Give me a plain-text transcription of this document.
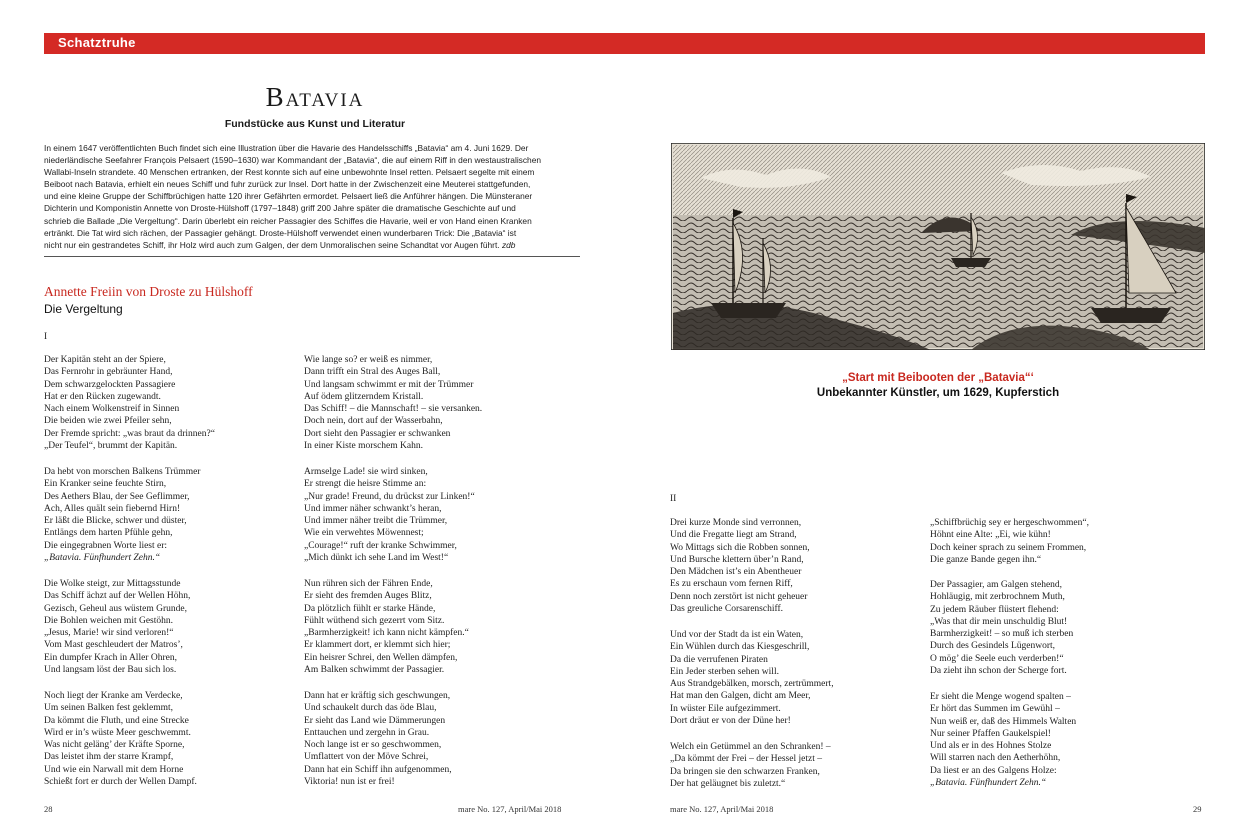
Schatztruhe
Batavia
Fundstücke aus Kunst und Literatur
In einem 1647 veröffentlichten Buch findet sich eine Illustration über die Havarie des Handelsschiffs „Batavia“ am 4. Juni 1629. Der
niederländische Seefahrer François Pelsaert (1590–1630) war Kommandant der „Batavia“, die auf einem Riff in den westaustralischen
Wallabi-Inseln strandete. 40 Menschen ertranken, der Rest konnte sich auf eine unbewohnte Insel retten. Pelsaert segelte mit einem
Beiboot nach Batavia, erhielt ein neues Schiff und fuhr zurück zur Insel. Dort hatte in der Zwischenzeit eine Meuterei stattgefunden,
und eine kleine Gruppe der Schiffbrüchigen hatte 120 ihrer Gefährten ermordet. Pelsaert ließ die Anführer hängen. Die Münsteraner
Dichterin und Komponistin Annette von Droste-Hülshoff (1797–1848) griff 200 Jahre später die dramatische Geschichte auf und
schrieb die Ballade „Die Vergeltung“. Darin überlebt ein reicher Passagier des Schiffes die Havarie, weil er von Hand einen Kranken
ertränkt. Die Tat wird sich rächen, der Passagier gehängt. Droste-Hülshoff verwendet einen wunderbaren Trick: Die „Batavia“ ist
nicht nur ein gestrandetes Schiff, ihr Holz wird auch zum Galgen, der dem Unmoralischen seine Schandtat vor Augen führt. zdb
Annette Freiin von Droste zu Hülshoff
Die Vergeltung
I
II
Der Kapitän steht an der Spiere,
Das Fernrohr in gebräunter Hand,
Dem schwarzgelockten Passagiere
Hat er den Rücken zugewandt.
Nach einem Wolkenstreif in Sinnen
Die beiden wie zwei Pfeiler sehn,
Der Fremde spricht: „was braut da drinnen?“
„Der Teufel“, brummt der Kapitän.
Da hebt von morschen Balkens Trümmer
Ein Kranker seine feuchte Stirn,
Des Aethers Blau, der See Geflimmer,
Ach, Alles quält sein fiebernd Hirn!
Er läßt die Blicke, schwer und düster,
Entlängs dem harten Pfühle gehn,
Die eingegrabnen Worte liest er:
„Batavia. Fünfhundert Zehn.“
Die Wolke steigt, zur Mittagsstunde
Das Schiff ächzt auf der Wellen Höhn,
Gezisch, Geheul aus wüstem Grunde,
Die Bohlen weichen mit Gestöhn.
„Jesus, Marie! wir sind verloren!“
Vom Mast geschleudert der Matros’,
Ein dumpfer Krach in Aller Ohren,
Und langsam löst der Bau sich los.
Noch liegt der Kranke am Verdecke,
Um seinen Balken fest geklemmt,
Da kömmt die Fluth, und eine Strecke
Wird er in’s wüste Meer geschwemmt.
Was nicht geläng’ der Kräfte Sporne,
Das leistet ihm der starre Krampf,
Und wie ein Narwall mit dem Horne
Schießt fort er durch der Wellen Dampf.
Wie lange so? er weiß es nimmer,
Dann trifft ein Stral des Auges Ball,
Und langsam schwimmt er mit der Trümmer
Auf ödem glitzerndem Kristall.
Das Schiff! – die Mannschaft! – sie versanken.
Doch nein, dort auf der Wasserbahn,
Dort sieht den Passagier er schwanken
In einer Kiste morschem Kahn.
Armselge Lade! sie wird sinken,
Er strengt die heisre Stimme an:
„Nur grade! Freund, du drückst zur Linken!“
Und immer näher schwankt’s heran,
Und immer näher treibt die Trümmer,
Wie ein verwehtes Möwennest;
„Courage!“ ruft der kranke Schwimmer,
„Mich dünkt ich sehe Land im West!“
Nun rühren sich der Fähren Ende,
Er sieht des fremden Auges Blitz,
Da plötzlich fühlt er starke Hände,
Fühlt wüthend sich gezerrt vom Sitz.
„Barmherzigkeit! ich kann nicht kämpfen.“
Er klammert dort, er klemmt sich hier;
Ein heisrer Schrei, den Wellen dämpfen,
Am Balken schwimmt der Passagier.
Dann hat er kräftig sich geschwungen,
Und schaukelt durch das öde Blau,
Er sieht das Land wie Dämmerungen
Enttauchen und zergehn in Grau.
Noch lange ist er so geschwommen,
Umflattert von der Möve Schrei,
Dann hat ein Schiff ihn aufgenommen,
Viktoria! nun ist er frei!
Drei kurze Monde sind verronnen,
Und die Fregatte liegt am Strand,
Wo Mittags sich die Robben sonnen,
Und Bursche klettern über’n Rand,
Den Mädchen ist’s ein Abentheuer
Es zu erschaun vom fernen Riff,
Denn noch zerstört ist nicht geheuer
Das greuliche Corsarenschiff.
Und vor der Stadt da ist ein Waten,
Ein Wühlen durch das Kiesgeschrill,
Da die verrufenen Piraten
Ein Jeder sterben sehen will.
Aus Strandgebälken, morsch, zertrümmert,
Hat man den Galgen, dicht am Meer,
In wüster Eile aufgezimmert.
Dort dräut er von der Düne her!
Welch ein Getümmel an den Schranken! –
„Da kömmt der Frei – der Hessel jetzt –
Da bringen sie den schwarzen Franken,
Der hat geläugnet bis zuletzt.“
„Schiffbrüchig sey er hergeschwommen“,
Höhnt eine Alte: „Ei, wie kühn!
Doch keiner sprach zu seinem Frommen,
Die ganze Bande gegen ihn.“
Der Passagier, am Galgen stehend,
Hohläugig, mit zerbrochnem Muth,
Zu jedem Räuber flüstert flehend:
„Was that dir mein unschuldig Blut!
Barmherzigkeit! – so muß ich sterben
Durch des Gesindels Lügenwort,
O mög’ die Seele euch verderben!“
Da zieht ihn schon der Scherge fort.
Er sieht die Menge wogend spalten –
Er hört das Summen im Gewühl –
Nun weiß er, daß des Himmels Walten
Nur seiner Pfaffen Gaukelspiel!
Und als er in des Hohnes Stolze
Will starren nach den Aetherhöhn,
Da liest er an des Galgens Holze:
„Batavia. Fünfhundert Zehn.“
„Start mit Beibooten der „Batavia“‘
Unbekannter Künstler, um 1629, Kupferstich
28	mare No. 127, April/Mai 2018	mare No. 127, April/Mai 2018	29
